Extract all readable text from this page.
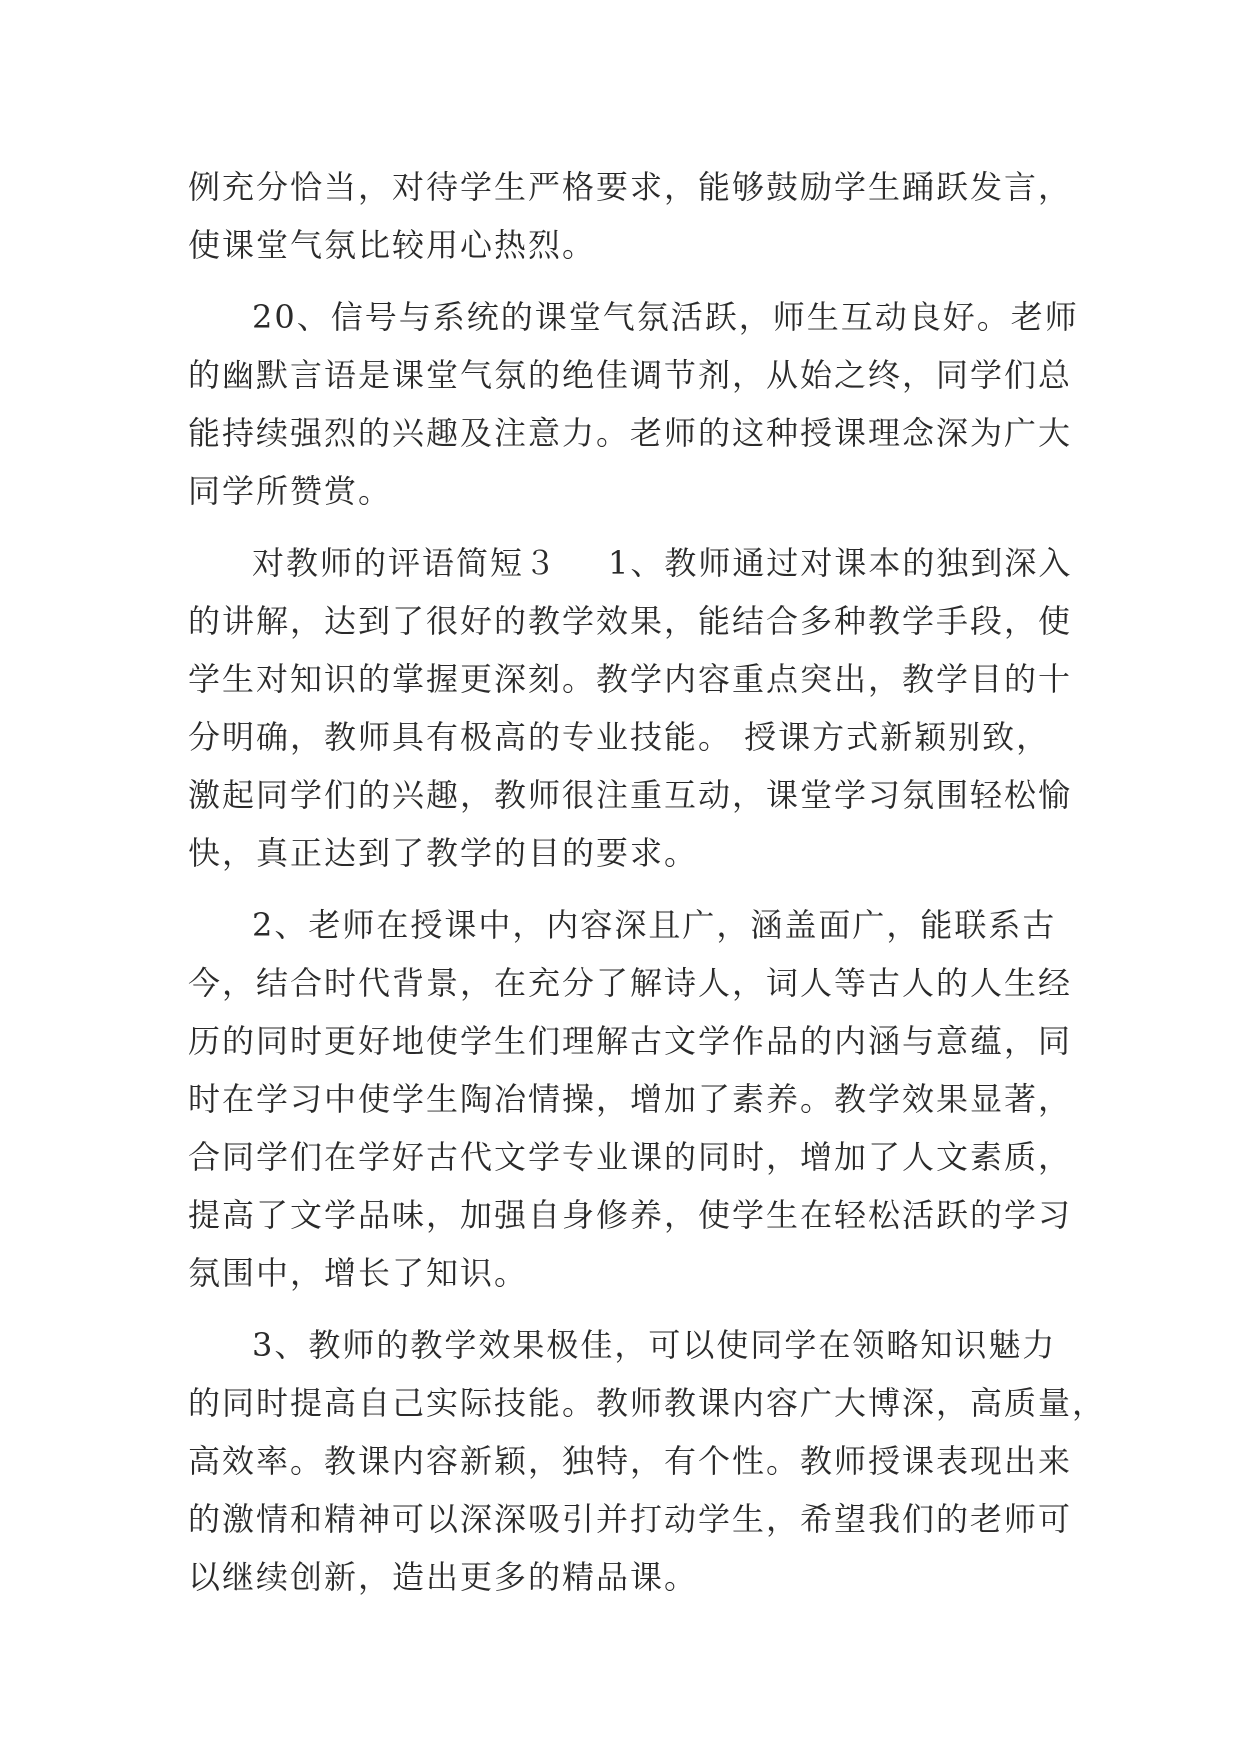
例充分恰当，对待学生严格要求，能够鼓励学生踊跃发言，
使课堂气氛比较用心热烈。
20、信号与系统的课堂气氛活跃，师生互动良好。老师
的幽默言语是课堂气氛的绝佳调节剂，从始之终，同学们总
能持续强烈的兴趣及注意力。老师的这种授课理念深为广大
同学所赞赏。
对教师的评语简短３ 1、教师通过对课本的独到深入
的讲解，达到了很好的教学效果，能结合多种教学手段，使
学生对知识的掌握更深刻。教学内容重点突出，教学目的十
分明确，教师具有极高的专业技能。 授课方式新颖别致，
激起同学们的兴趣，教师很注重互动，课堂学习氛围轻松愉
快，真正达到了教学的目的要求。
2、老师在授课中，内容深且广，涵盖面广，能联系古
今，结合时代背景，在充分了解诗人，词人等古人的人生经
历的同时更好地使学生们理解古文学作品的内涵与意蕴，同
时在学习中使学生陶冶情操，增加了素养。教学效果显著，
合同学们在学好古代文学专业课的同时，增加了人文素质，
提高了文学品味，加强自身修养，使学生在轻松活跃的学习
氛围中，增长了知识。
3、教师的教学效果极佳，可以使同学在领略知识魅力
的同时提高自己实际技能。教师教课内容广大博深，高质量，
高效率。教课内容新颖，独特，有个性。教师授课表现出来
的激情和精神可以深深吸引并打动学生，希望我们的老师可
以继续创新，造出更多的精品课。
